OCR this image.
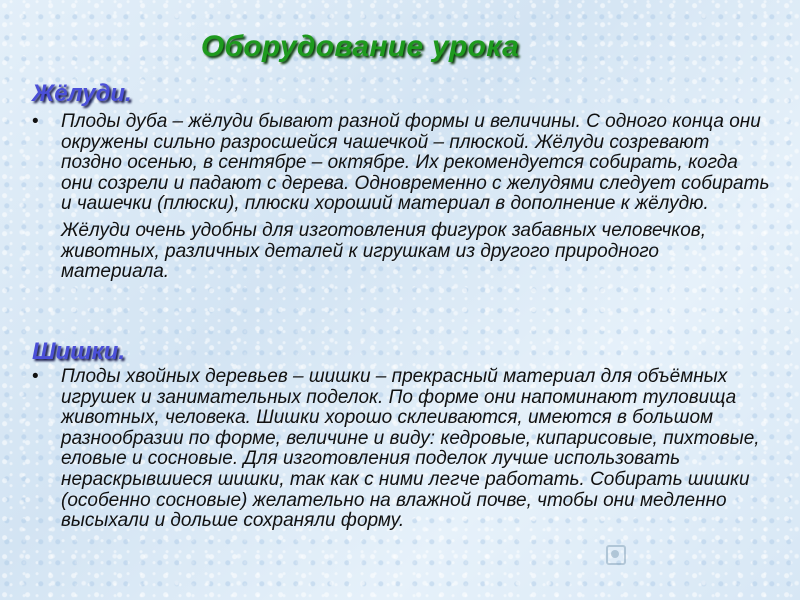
Оборудование урока
Жёлуди.
•	Плоды дуба – жёлуди бывают разной формы и величины. С одного конца они окружены сильно разросшейся чашечкой – плюской. Жёлуди созревают поздно осенью, в сентябре – октябре. Их рекомендуется собирать, когда они созрели и падают с дерева. Одновременно с желудями следует собирать и чашечки (плюски), плюски хороший материал в дополнение к жёлудю.

Жёлуди очень удобны для изготовления фигурок забавных человечков, животных, различных деталей к игрушкам из другого природного материала.

Шишки.
•	Плоды хвойных деревьев – шишки – прекрасный материал для объёмных игрушек и занимательных поделок. По форме они напоминают туловища животных, человека. Шишки хорошо склеиваются, имеются в большом разнообразии по форме, величине и виду: кедровые, кипарисовые, пихтовые, еловые и сосновые. Для изготовления поделок лучше использовать нераскрывшиеся шишки, так как с ними легче работать. Собирать шишки (особенно сосновые) желательно на влажной почве, чтобы они медленно высыхали и дольше сохраняли форму.
